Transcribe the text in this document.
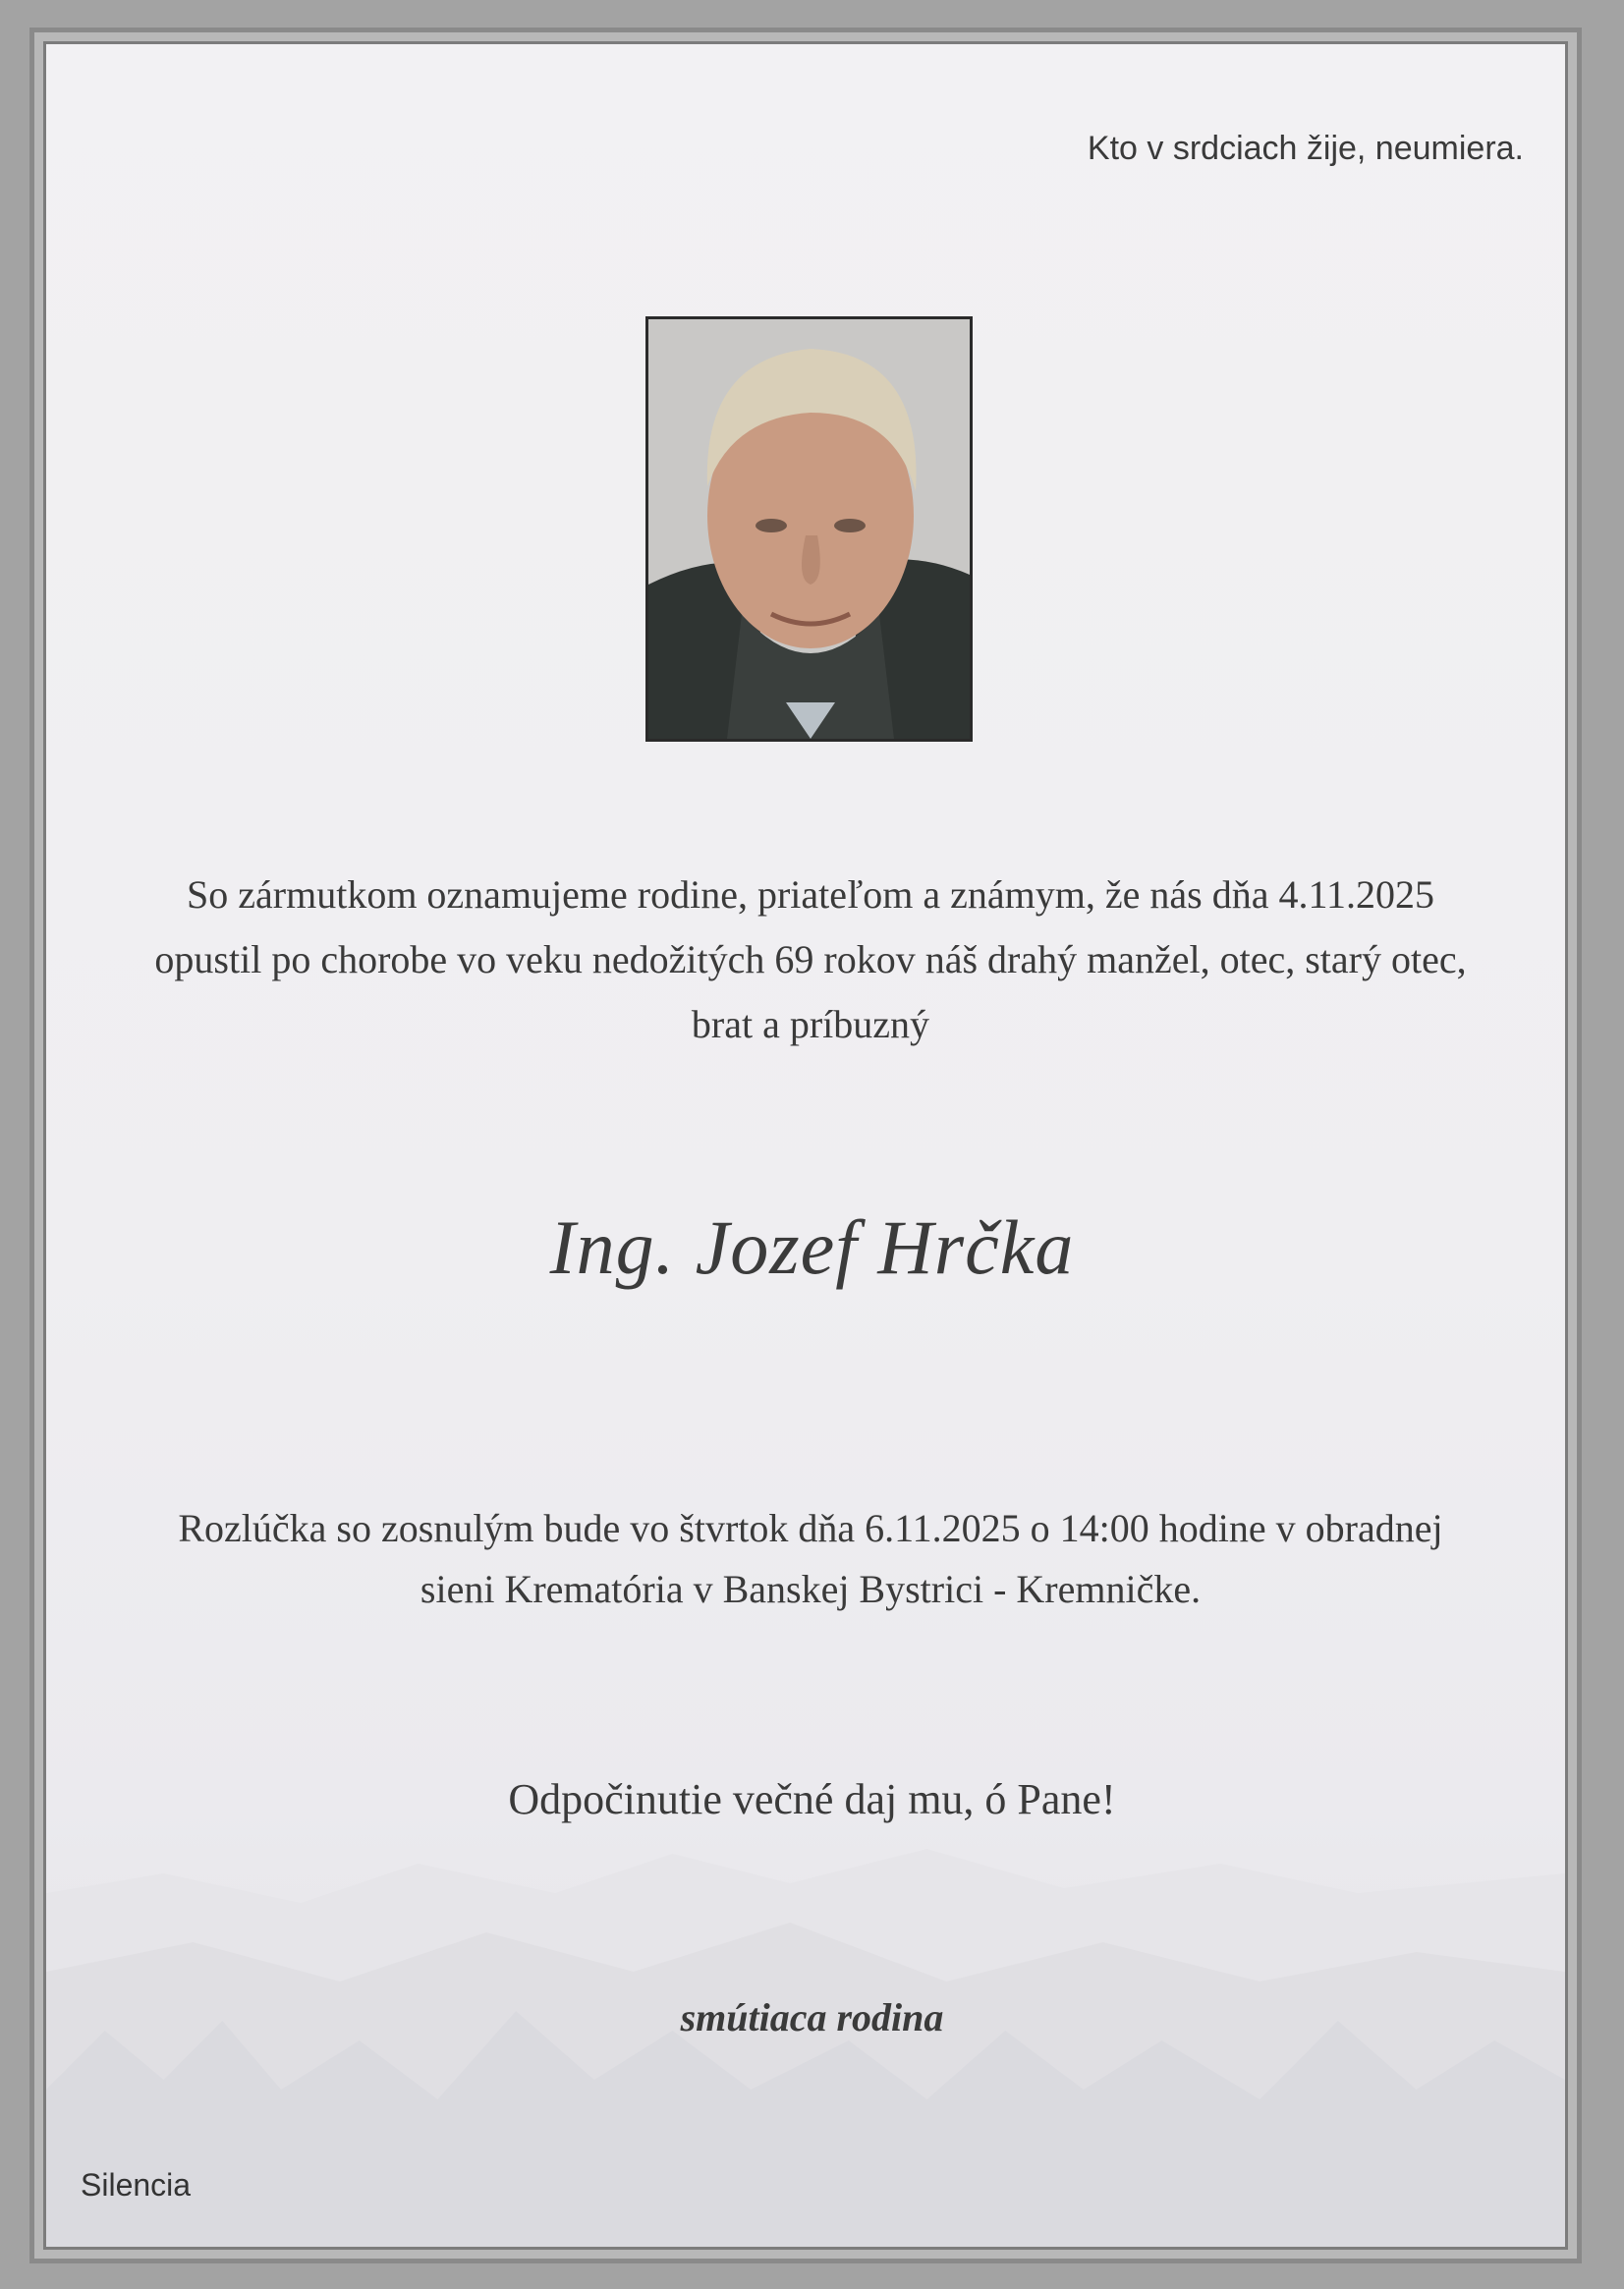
Kto v srdciach žije, neumiera.
So zármutkom oznamujeme rodine, priateľom a známym, že nás dňa 4.11.2025
opustil po chorobe vo veku nedožitých 69 rokov náš drahý manžel, otec, starý otec,
brat a príbuzný
Ing. Jozef Hrčka
Rozlúčka so zosnulým bude vo štvrtok dňa 6.11.2025 o 14:00 hodine v obradnej
sieni Krematória v Banskej Bystrici - Kremničke.
Odpočinutie večné daj mu, ó Pane!
smútiaca rodina
Silencia
